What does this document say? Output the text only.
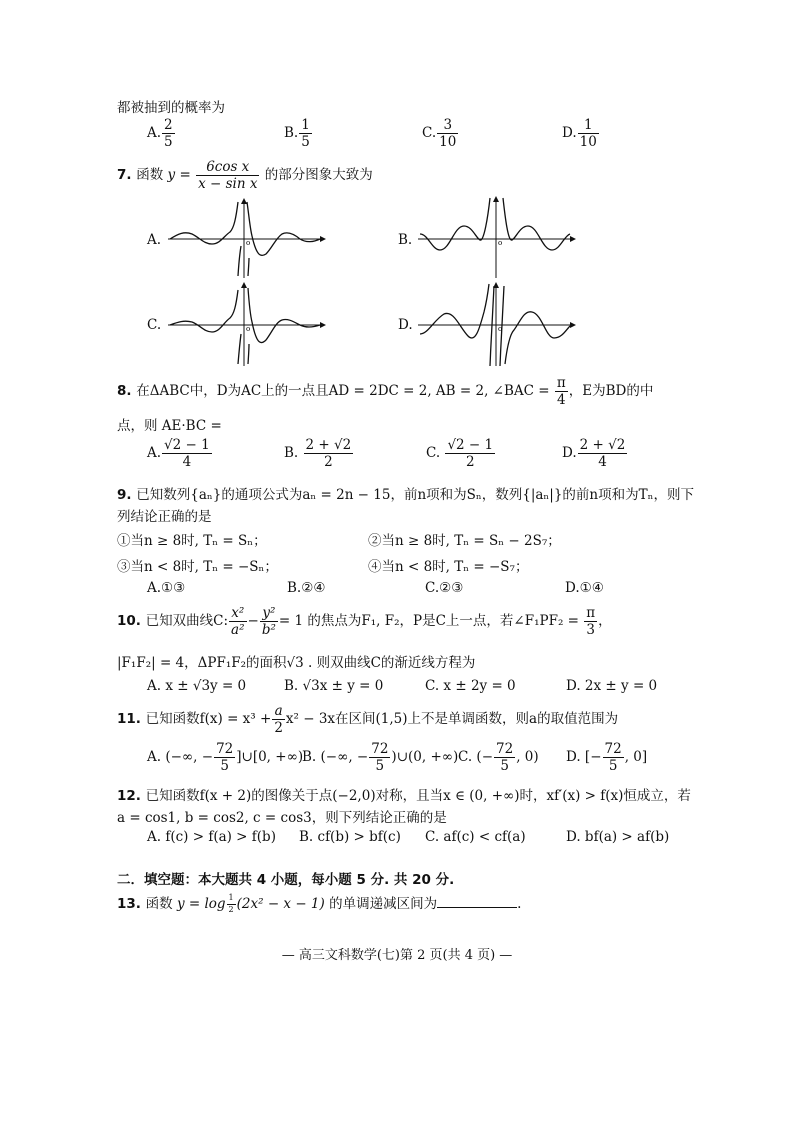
都被抽到的概率为
A. $\frac{2}{5}$	B. $\frac{1}{5}$	C. $\frac{3}{10}$	D. $\frac{1}{10}$
7. 函数 $y = \frac{\text{6cos x}}{\text{x − sin x}}$ 的部分图象大致为
A.	B.
C.	D.
o	o
o	o
8. 在ΔABC中，D为AC上的一点且AD = 2DC = 2, AB = 2, ∠BAC = $\frac{\pi}{4}$ ，E为BD的中
点，则 AE·BC =
A. $\frac{√2 - 1}{4}$	B. $\frac{2 + √2}{2}$	C. $\frac{√2 - 1}{2}$	D. $\frac{2 + √2}{4}$
9. 已知数列{aₙ}的通项公式为aₙ = 2n − 15，前n项和为Sₙ，数列{|aₙ|}的前n项和为Tₙ，则下
列结论正确的是
①当n ≥ 8时, Tₙ = Sₙ；	②当n ≥ 8时, Tₙ = Sₙ − 2S₇；
③当n < 8时, Tₙ = −Sₙ；	④当n < 8时, Tₙ = −S₇；
A.①③	B.②④	C.②③	D.①④
10. 已知双曲线C: $\frac{\text{x²}}{\text{a²}} - \frac{\text{y²}}{\text{b²}} = 1$ 的焦点为F₁, F₂，P是C上一点，若∠F₁PF₂ = $\frac{\pi}{3}$ ，
|F₁F₂| = 4，ΔPF₁F₂的面积√3 . 则双曲线C的渐近线方程为
A. x ± √3y = 0	B. √3x ± y = 0	C. x ± 2y = 0	D. 2x ± y = 0
11. 已知函数$f(x) = x^3 + \frac{a}{2} x^2 - 3x$在区间(1,5)上不是单调函数，则a的取值范围为
A. (−∞, − $\frac{72}{5}$ ]∪[0, +∞)
B. (−∞, − $\frac{72}{5}$ )∪(0, +∞) C. (− $\frac{72}{5}$ , 0) D. [− $\frac{72}{5}$ , 0]
12. 已知函数f(x + 2)的图像关于点(−2,0)对称，且当x ∈ (0, +∞)时，xf′(x) > f(x)恒成立，若
a = cos1, b = cos2, c = cos3，则下列结论正确的是
A. f(c) > f(a) > f(b) B. cf(b) > bf(c) C. af(c) < cf(a)	D. bf(a) > af(b)
二．填空题：本大题共 4 小题，每小题 5 分. 共 20 分.
13. 函数 $y = \log \frac{1}{2} (2x^2 - x - 1)$ 的单调递减区间为	.
— 高三文科数学(七)第 2 页(共 4 页) —
